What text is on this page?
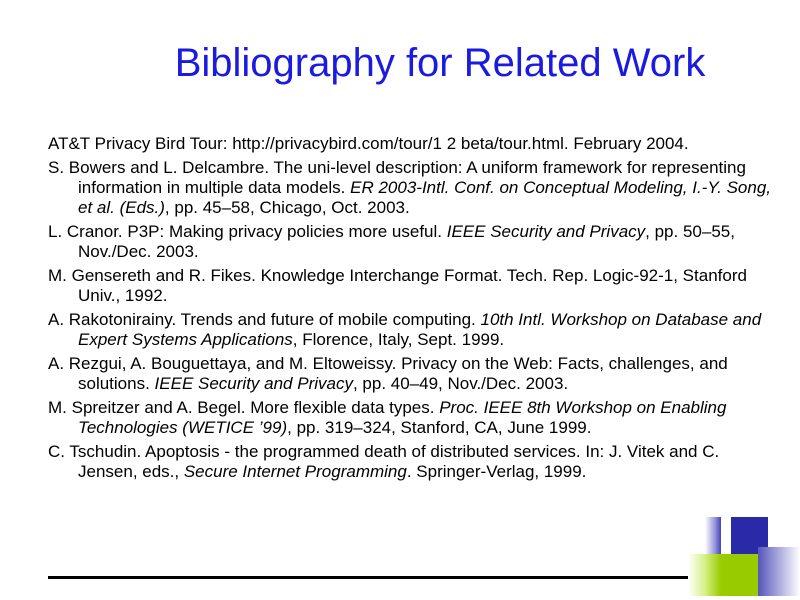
Bibliography for Related Work

AT&T Privacy Bird Tour: http://privacybird.com/tour/1 2 beta/tour.html. February 2004.

S. Bowers and L. Delcambre. The uni-level description: A uniform framework for representing information in multiple data models. ER 2003-Intl. Conf. on Conceptual Modeling, I.-Y. Song, et al. (Eds.), pp. 45–58, Chicago, Oct. 2003.

L. Cranor. P3P: Making privacy policies more useful. IEEE Security and Privacy, pp. 50–55, Nov./Dec. 2003.

M. Gensereth and R. Fikes. Knowledge Interchange Format. Tech. Rep. Logic-92-1, Stanford Univ., 1992.

A. Rakotonirainy. Trends and future of mobile computing. 10th Intl. Workshop on Database and Expert Systems Applications, Florence, Italy, Sept. 1999.

A. Rezgui, A. Bouguettaya, and M. Eltoweissy. Privacy on the Web: Facts, challenges, and solutions. IEEE Security and Privacy, pp. 40–49, Nov./Dec. 2003.

M. Spreitzer and A. Begel. More flexible data types. Proc. IEEE 8th Workshop on Enabling Technologies (WETICE ’99), pp. 319–324, Stanford, CA, June 1999.

C. Tschudin. Apoptosis - the programmed death of distributed services. In: J. Vitek and C. Jensen, eds., Secure Internet Programming. Springer-Verlag, 1999.
